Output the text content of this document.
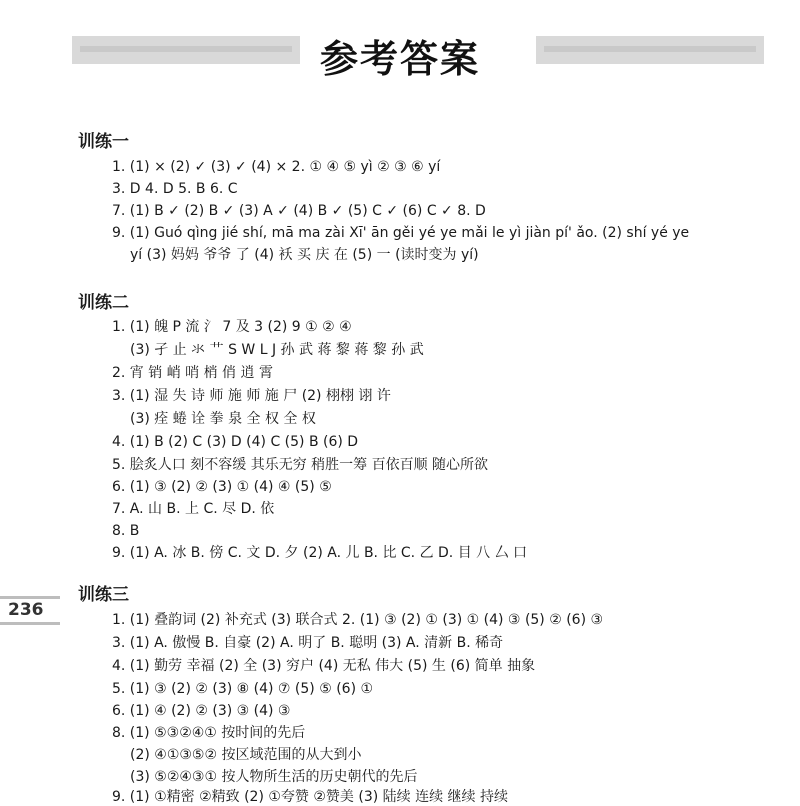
参考答案
训练一
1. (1) × (2) ✓ (3) ✓ (4) × 2. ① ④ ⑤ yì ② ③ ⑥ yí
3. D 4. D 5. B 6. C
7. (1) B ✓ (2) B ✓ (3) A ✓ (4) B ✓ (5) C ✓ (6) C ✓ 8. D
9. (1) Guó qìng jié shí, mā ma zài Xī' ān gěi yé ye mǎi le yì jiàn pí' ǎo. (2) shí yé ye
yí (3) 妈妈 爷爷 了 (4) 袄 买 庆 在 (5) 一 (读时变为 yí)
训练二
1. (1) 魄 P 流 氵 7 及 3 (2) 9 ① ② ④
(3) 孑 止 氺 艹 S W L J 孙 武 蒋 黎 蒋 黎 孙 武
2. 宵 销 峭 哨 梢 俏 逍 霄
3. (1) 湿 失 诗 师 施 师 施 尸 (2) 栩栩 诩 许
(3) 痊 蜷 诠 拳 泉 全 权 全 权
4. (1) B (2) C (3) D (4) C (5) B (6) D
5. 脍炙人口 刻不容缓 其乐无穷 稍胜一筹 百依百顺 随心所欲
6. (1) ③ (2) ② (3) ① (4) ④ (5) ⑤
7. A. 山 B. 上 C. 尽 D. 依
8. B
9. (1) A. 冰 B. 傍 C. 文 D. 夕 (2) A. 儿 B. 比 C. 乙 D. 目 八 厶 口
236
训练三
1. (1) 叠韵词 (2) 补充式 (3) 联合式 2. (1) ③ (2) ① (3) ① (4) ③ (5) ② (6) ③
3. (1) A. 傲慢 B. 自豪 (2) A. 明了 B. 聪明 (3) A. 清新 B. 稀奇
4. (1) 勤劳 幸福 (2) 全 (3) 穷户 (4) 无私 伟大 (5) 生 (6) 简单 抽象
5. (1) ③ (2) ② (3) ⑧ (4) ⑦ (5) ⑤ (6) ①
6. (1) ④ (2) ② (3) ③ (4) ③
8. (1) ⑤③②④① 按时间的先后
(2) ④①③⑤② 按区域范围的从大到小
(3) ⑤②④③① 按人物所生活的历史朝代的先后
9. (1) ①精密 ②精致 (2) ①夸赞 ②赞美 (3) 陆续 连续 继续 持续
